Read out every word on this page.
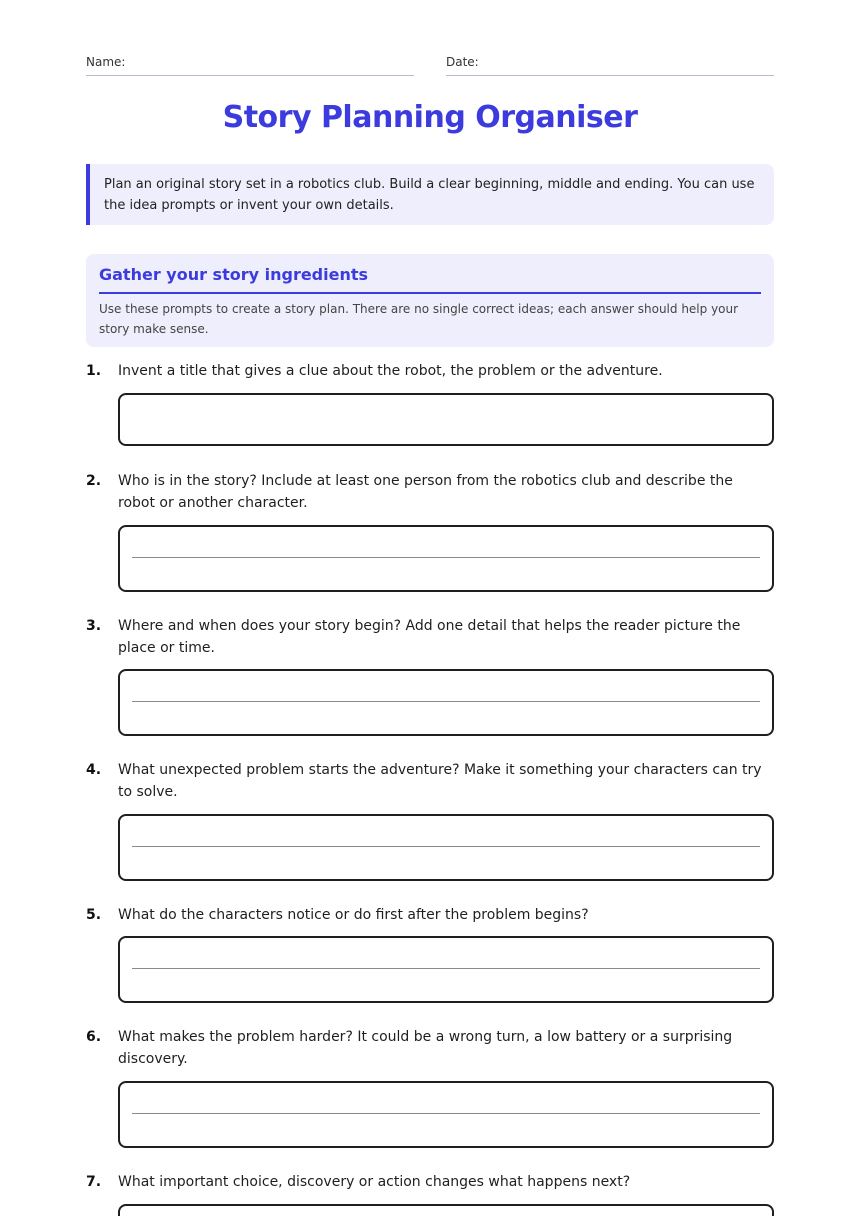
Name:	Date:
Story Planning Organiser
Plan an original story set in a robotics club. Build a clear beginning, middle and ending. You can use the idea prompts or invent your own details.
Gather your story ingredients
Use these prompts to create a story plan. There are no single correct ideas; each answer should help your story make sense.
1. Invent a title that gives a clue about the robot, the problem or the adventure.
2. Who is in the story? Include at least one person from the robotics club and describe the robot or another character.
3. Where and when does your story begin? Add one detail that helps the reader picture the place or time.
4. What unexpected problem starts the adventure? Make it something your characters can try to solve.
5. What do the characters notice or do first after the problem begins?
6. What makes the problem harder? It could be a wrong turn, a low battery or a surprising discovery.
7. What important choice, discovery or action changes what happens next?
